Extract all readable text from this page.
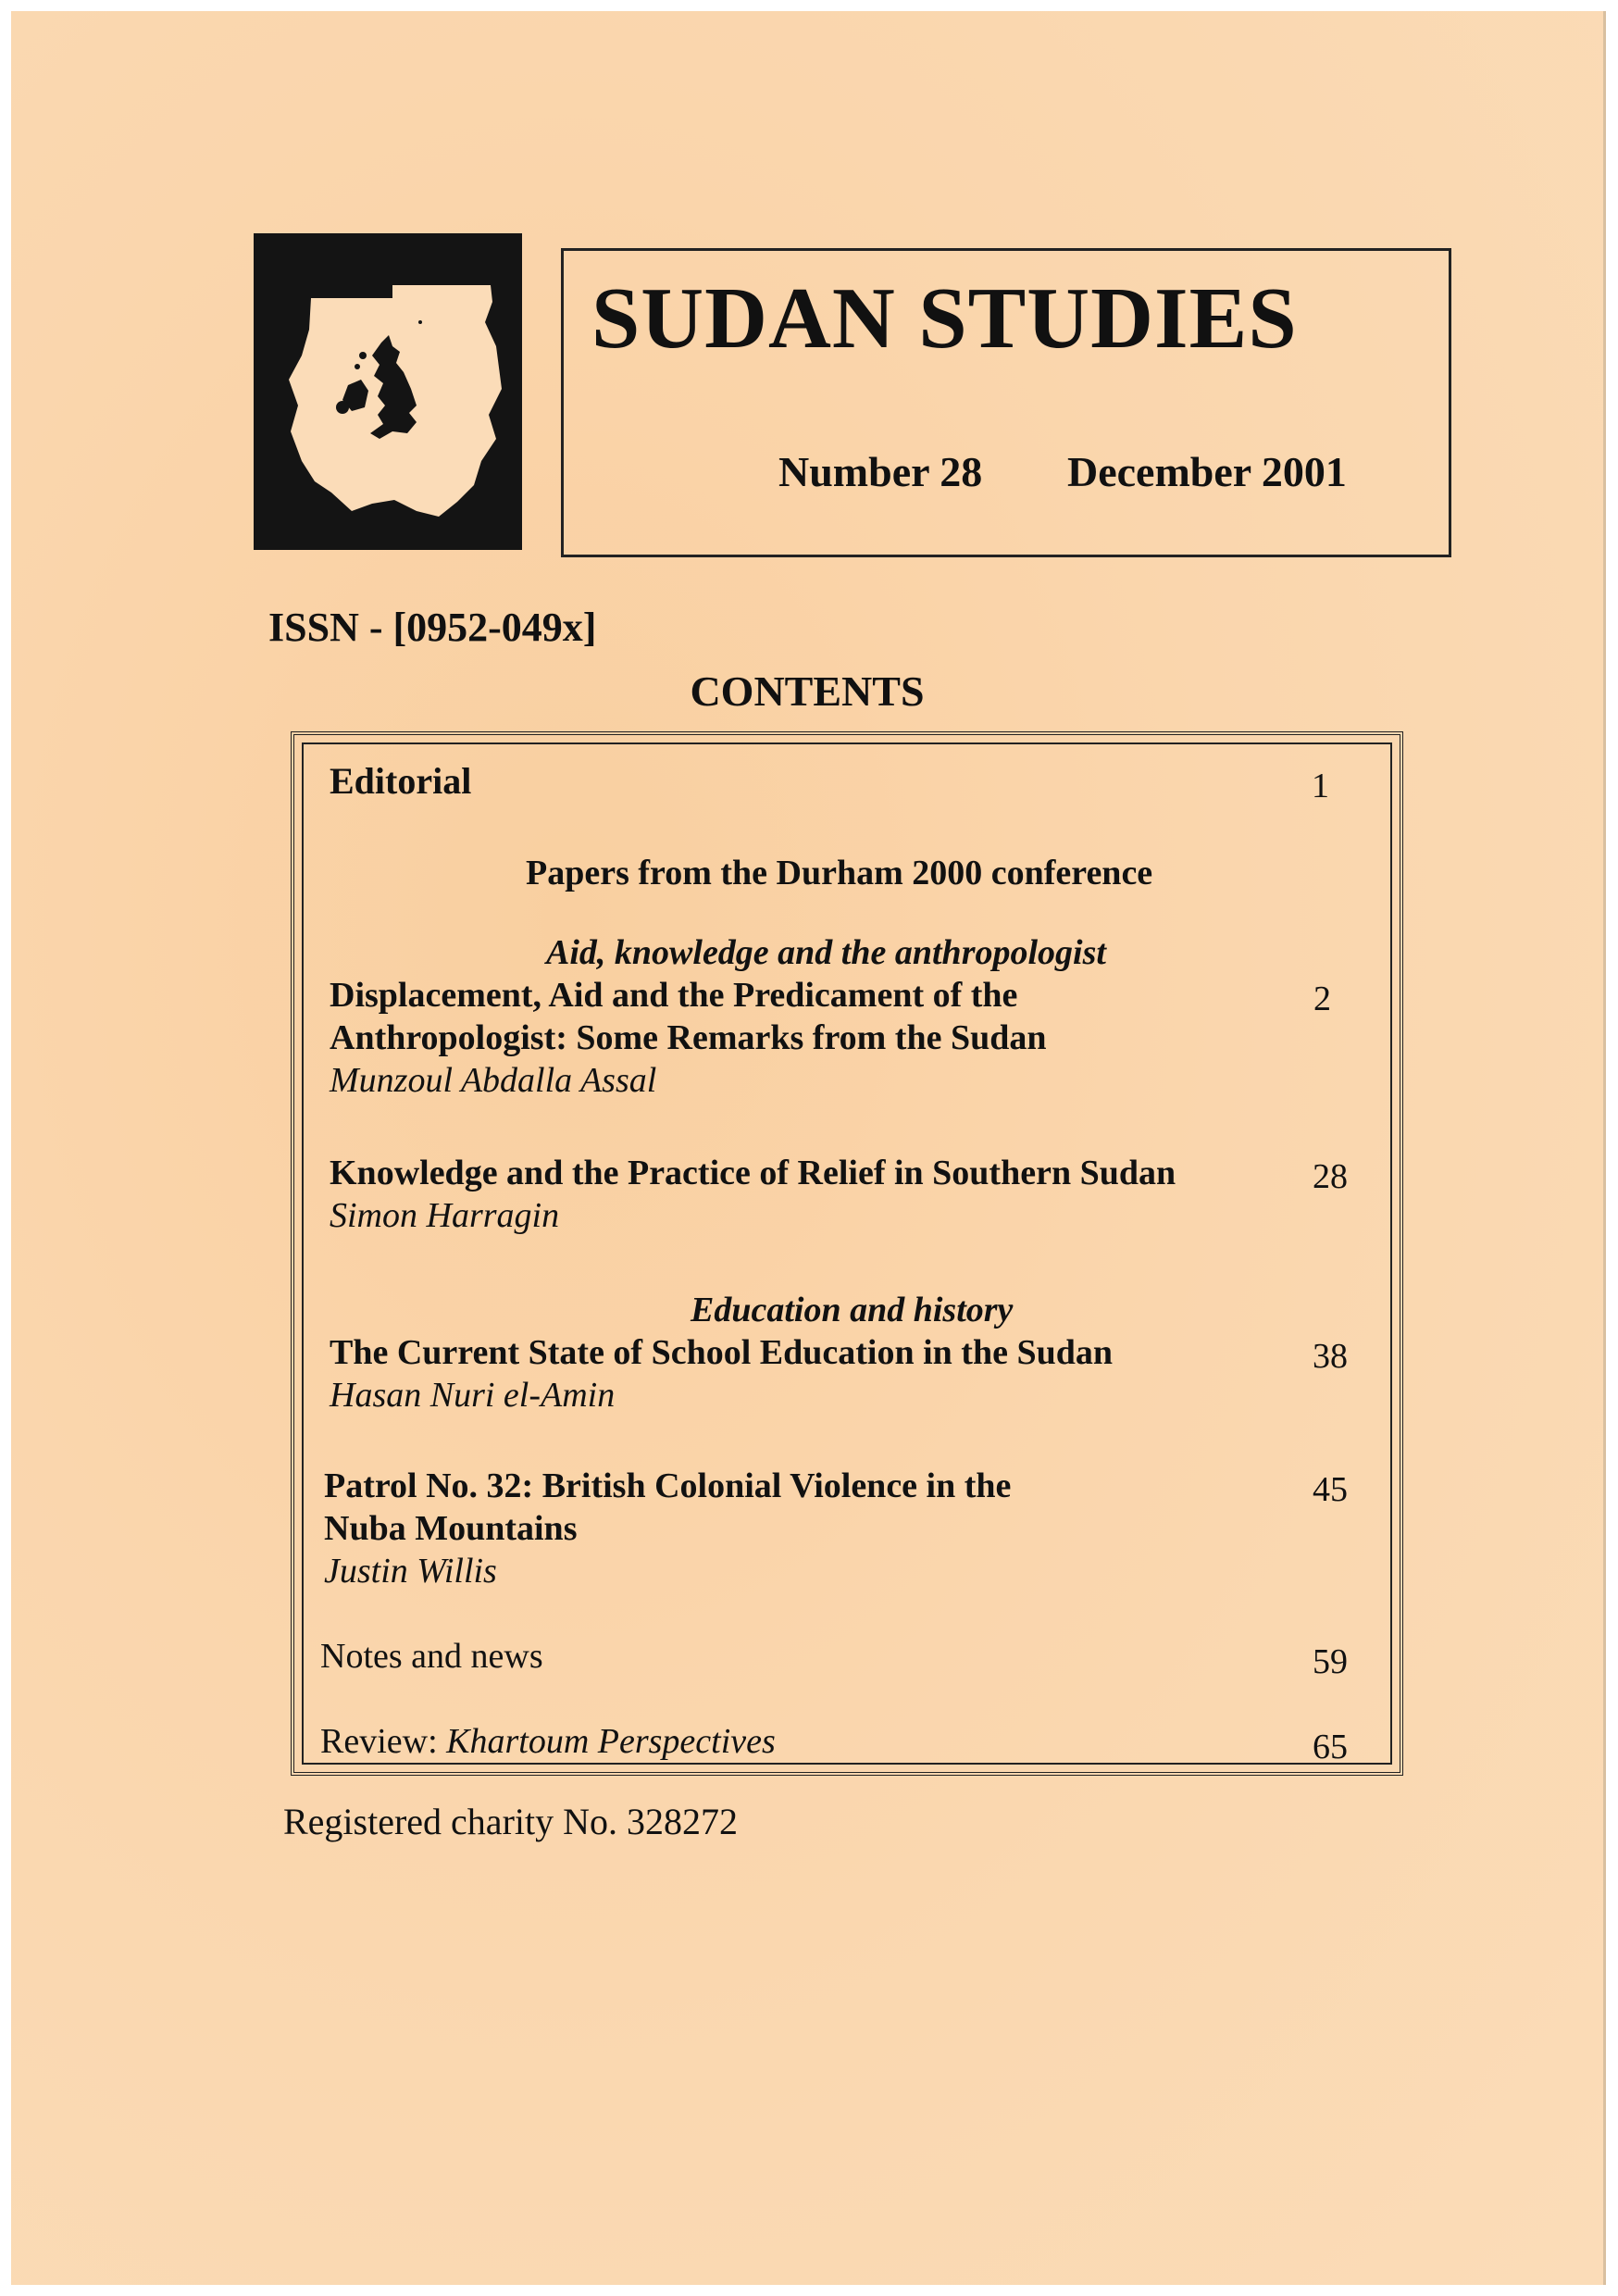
SUDAN STUDIES
Number 28 December 2001
ISSN - [0952-049x]
CONTENTS
Editorial	1
Papers from the Durham 2000 conference
Aid, knowledge and the anthropologist
Displacement, Aid and the Predicament of the	2
Anthropologist: Some Remarks from the Sudan
Munzoul Abdalla Assal
Knowledge and the Practice of Relief in Southern Sudan	28
Simon Harragin
Education and history
The Current State of School Education in the Sudan	38
Hasan Nuri el-Amin
Patrol No. 32: British Colonial Violence in the	45
Nuba Mountains
Justin Willis
Notes and news	59
Review: Khartoum Perspectives	65
Registered charity No. 328272
